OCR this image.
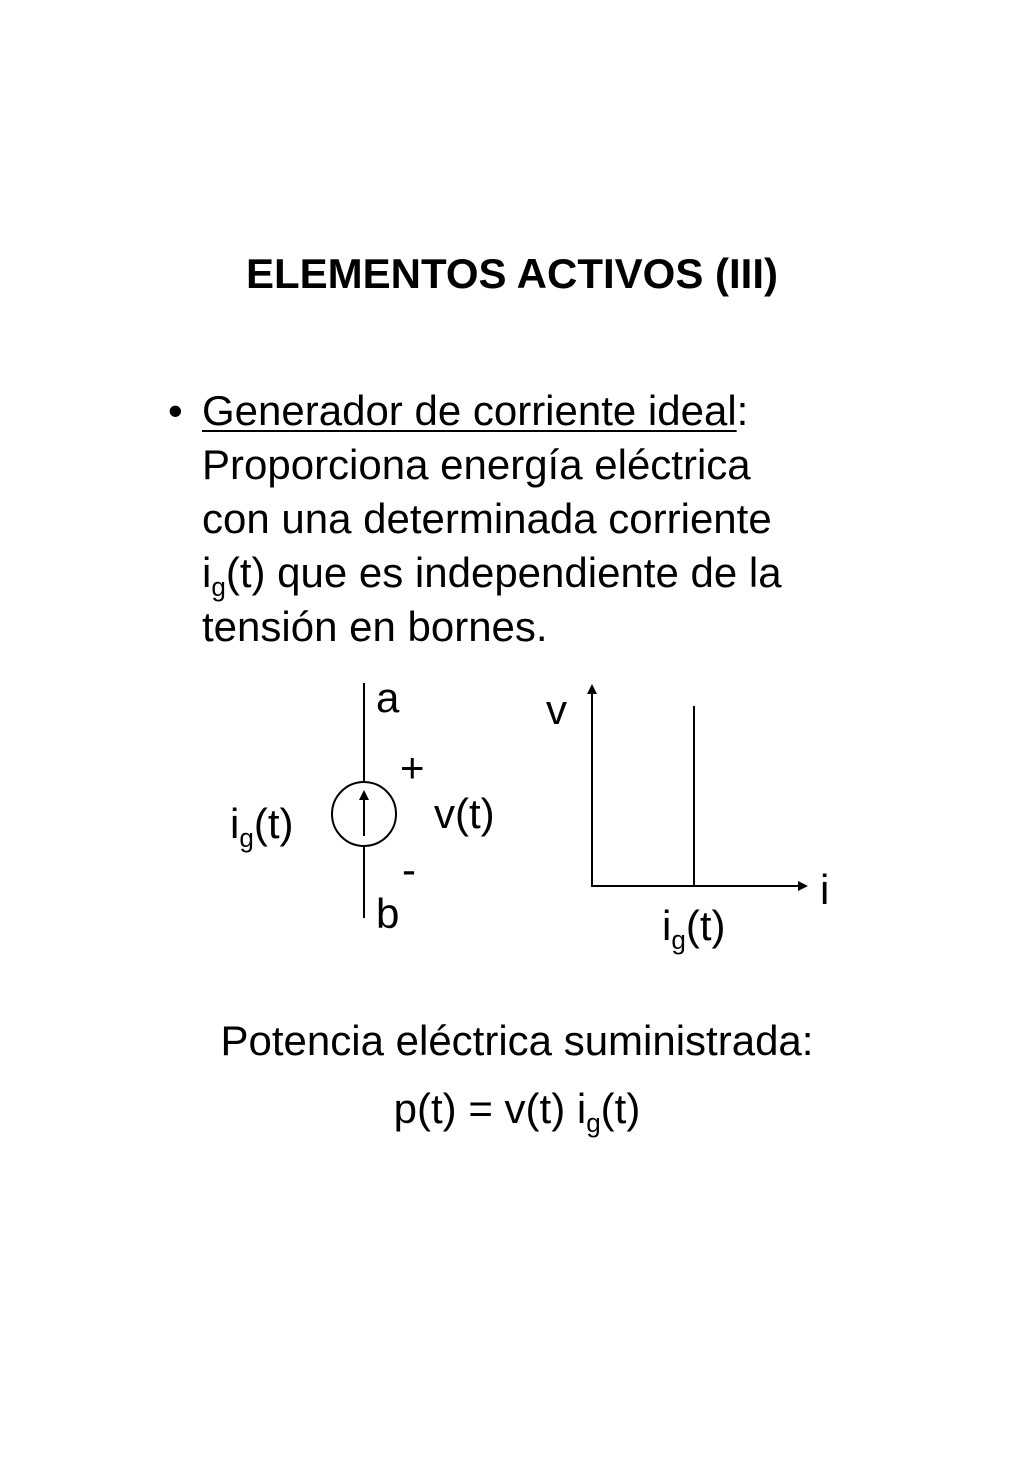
ELEMENTOS ACTIVOS (III)
• Generador de corriente ideal:
Proporciona energía eléctrica
con una determinada corriente
$i_g(t)$ que es independiente de la
tensión en bornes.
a
+
$i_g(t)$	v(t)
-
b
v
i
$i_g(t)$
Potencia eléctrica suministrada:
p(t) = v(t) $i_g(t)$
